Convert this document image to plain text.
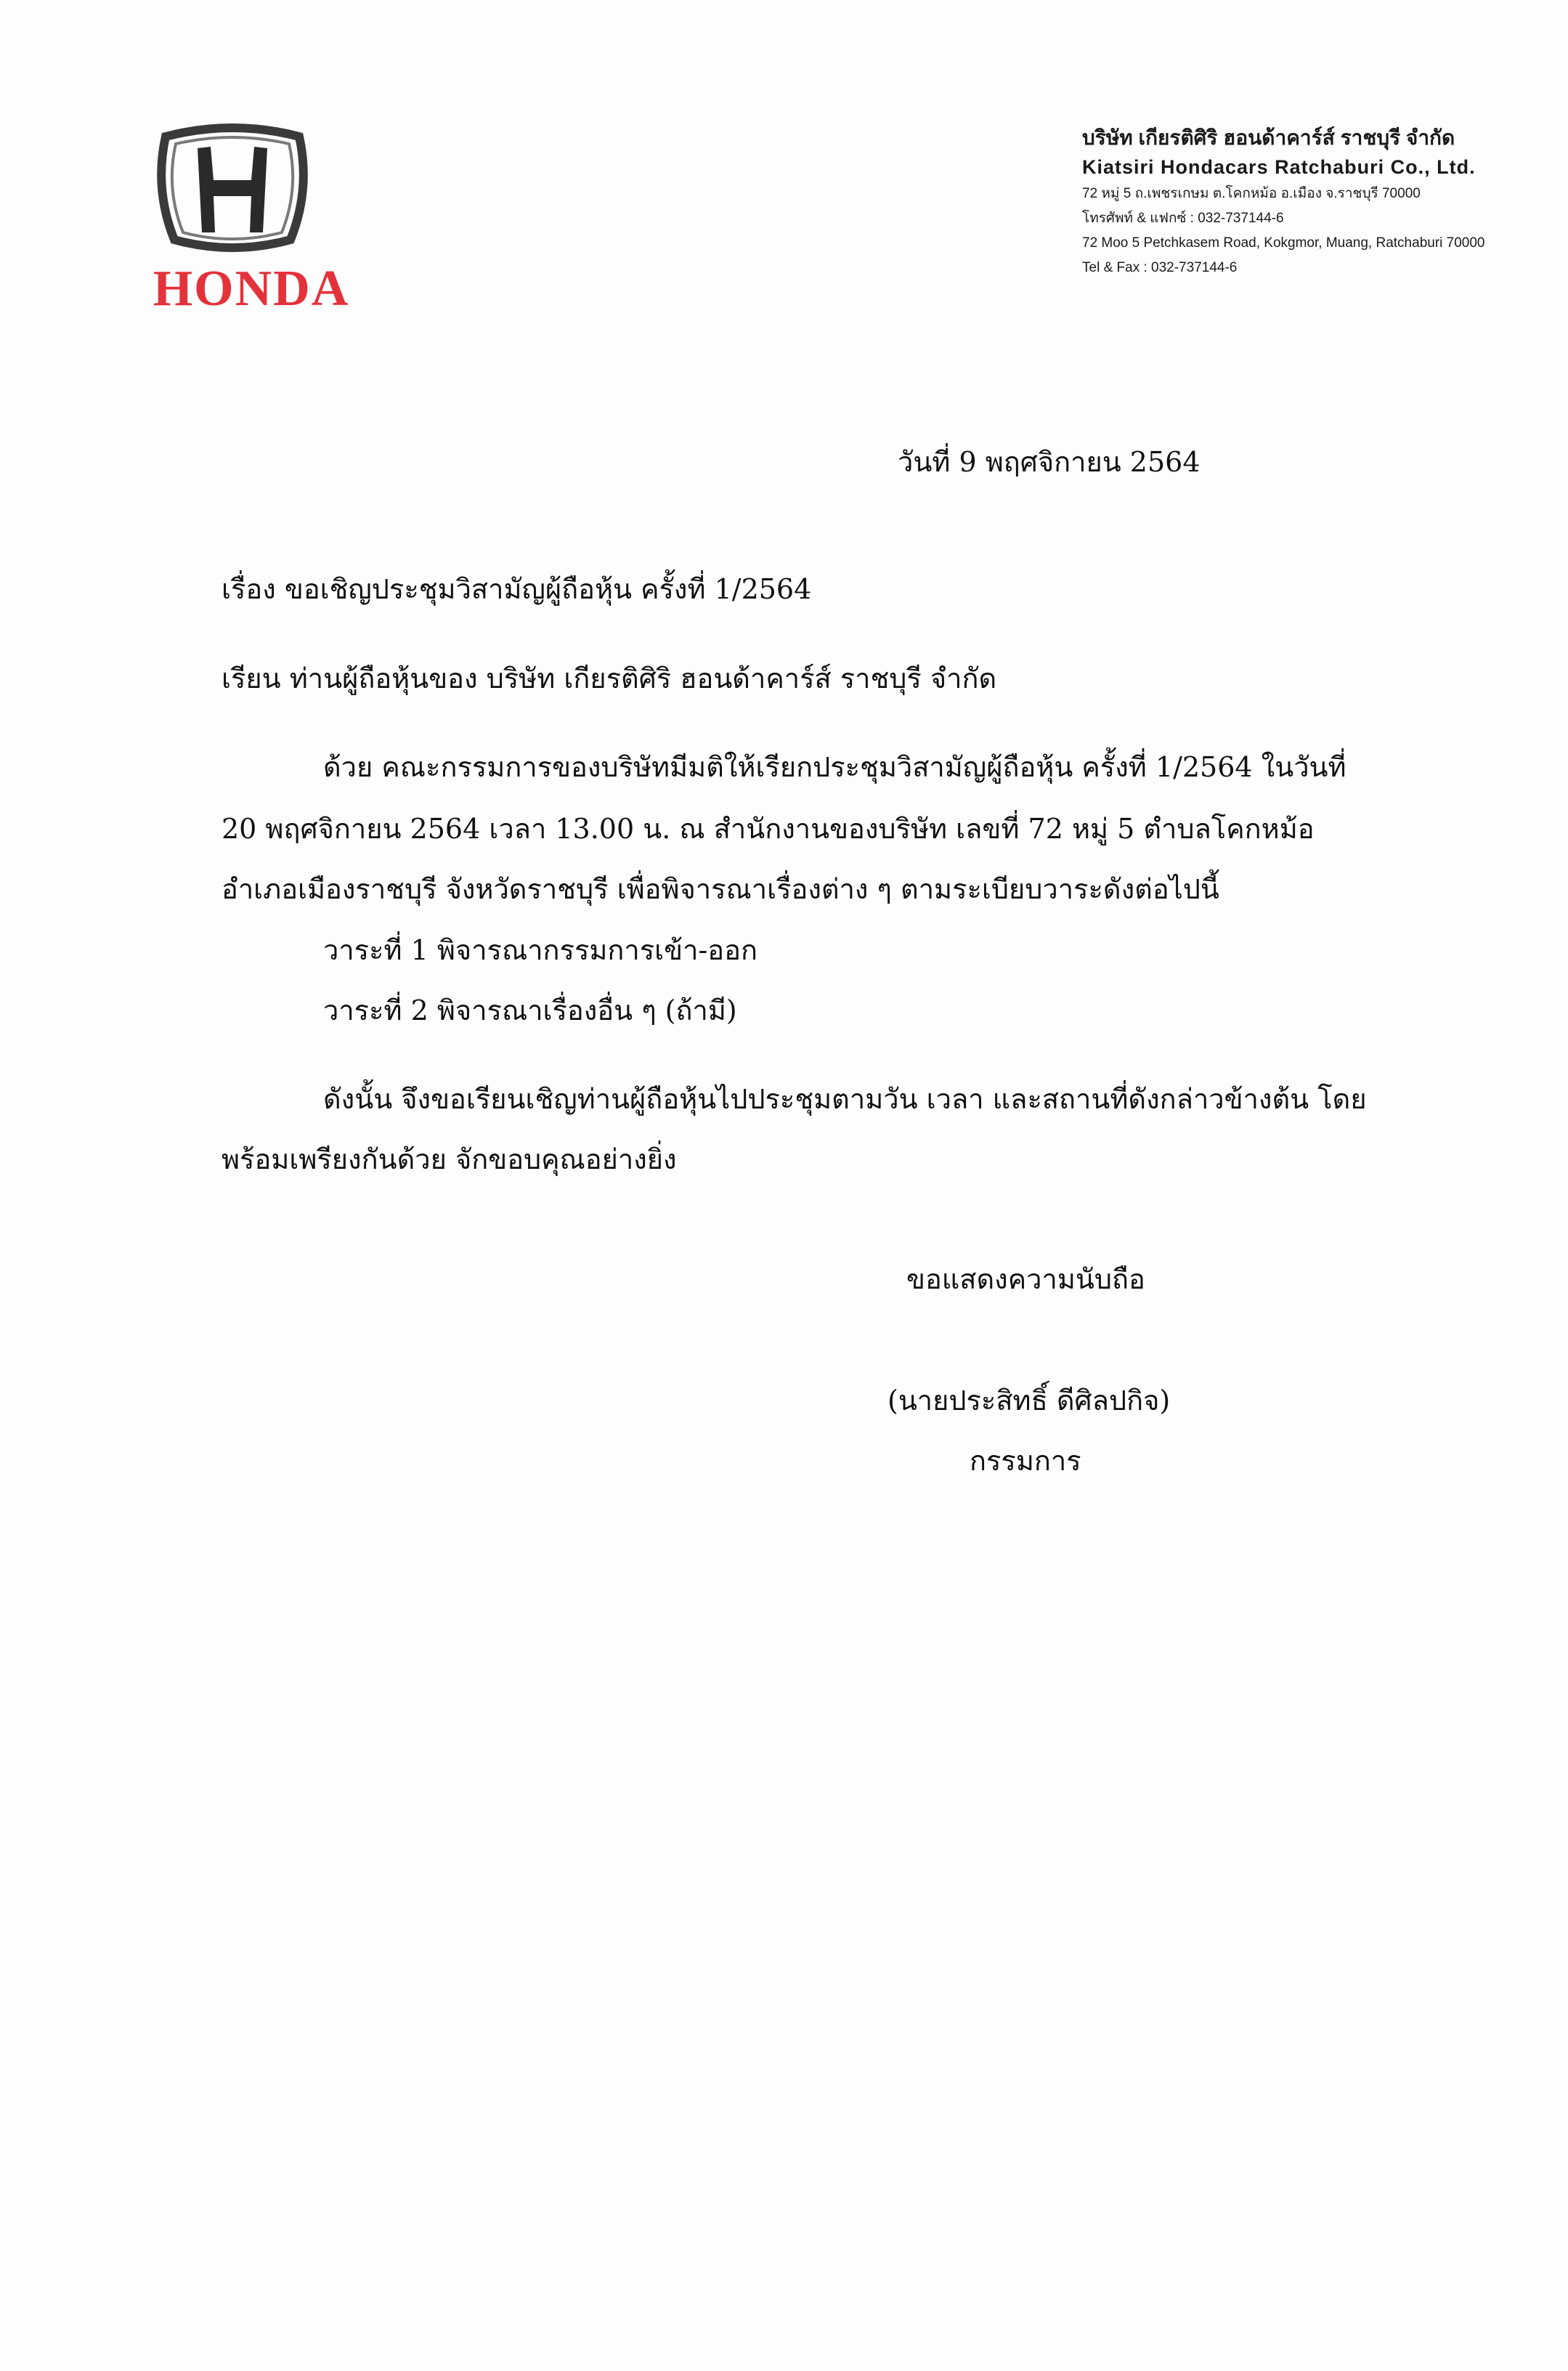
HONDA
บริษัท เกียรติศิริ ฮอนด้าคาร์ส์ ราชบุรี จำกัด
Kiatsiri Hondacars Ratchaburi Co., Ltd.
72 หมู่ 5 ถ.เพชรเกษม ต.โคกหม้อ อ.เมือง จ.ราชบุรี 70000
โทรศัพท์ & แฟกซ์ : 032-737144-6
72 Moo 5 Petchkasem Road, Kokgmor, Muang, Ratchaburi 70000
Tel & Fax : 032-737144-6
วันที่ 9 พฤศจิกายน 2564
เรื่อง ขอเชิญประชุมวิสามัญผู้ถือหุ้น ครั้งที่ 1/2564
เรียน ท่านผู้ถือหุ้นของ บริษัท เกียรติศิริ ฮอนด้าคาร์ส์ ราชบุรี จำกัด
ด้วย คณะกรรมการของบริษัทมีมติให้เรียกประชุมวิสามัญผู้ถือหุ้น ครั้งที่ 1/2564 ในวันที่
20 พฤศจิกายน 2564 เวลา 13.00 น. ณ สำนักงานของบริษัท เลขที่ 72 หมู่ 5 ตำบลโคกหม้อ
อำเภอเมืองราชบุรี จังหวัดราชบุรี เพื่อพิจารณาเรื่องต่าง ๆ ตามระเบียบวาระดังต่อไปนี้
วาระที่ 1 พิจารณากรรมการเข้า-ออก
วาระที่ 2 พิจารณาเรื่องอื่น ๆ (ถ้ามี)
ดังนั้น จึงขอเรียนเชิญท่านผู้ถือหุ้นไปประชุมตามวัน เวลา และสถานที่ดังกล่าวข้างต้น โดย
พร้อมเพรียงกันด้วย จักขอบคุณอย่างยิ่ง
ขอแสดงความนับถือ
(นายประสิทธิ์ ดีศิลปกิจ)
กรรมการ
